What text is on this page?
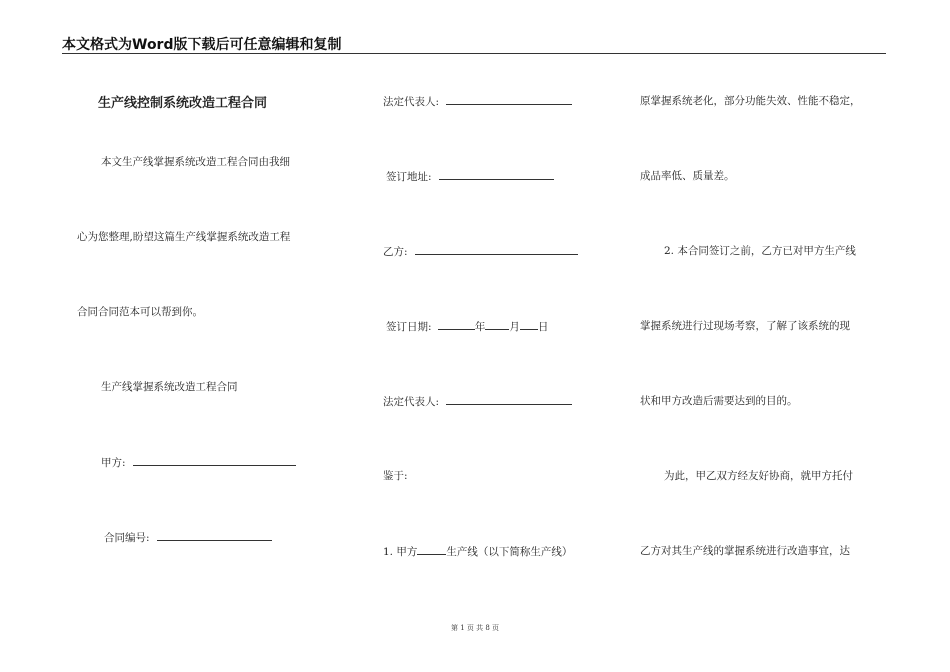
本文格式为Word版下载后可任意编辑和复制
生产线控制系统改造工程合同
本文生产线掌握系统改造工程合同由我细
心为您整理,盼望这篇生产线掌握系统改造工程
合同合同范本可以帮到你。
生产线掌握系统改造工程合同
甲方:
合同编号:
法定代表人:
签订地址:
乙方:
签订日期:	年 月 日
法定代表人:
鉴于:
1. 甲方	生产线（以下简称生产线）
原掌握系统老化，部分功能失效、性能不稳定，
成品率低、质量差。
2. 本合同签订之前，乙方已对甲方生产线
掌握系统进行过现场考察，了解了该系统的现
状和甲方改造后需要达到的目的。
为此，甲乙双方经友好协商，就甲方托付
乙方对其生产线的掌握系统进行改造事宜，达
第 1 页 共 8 页
